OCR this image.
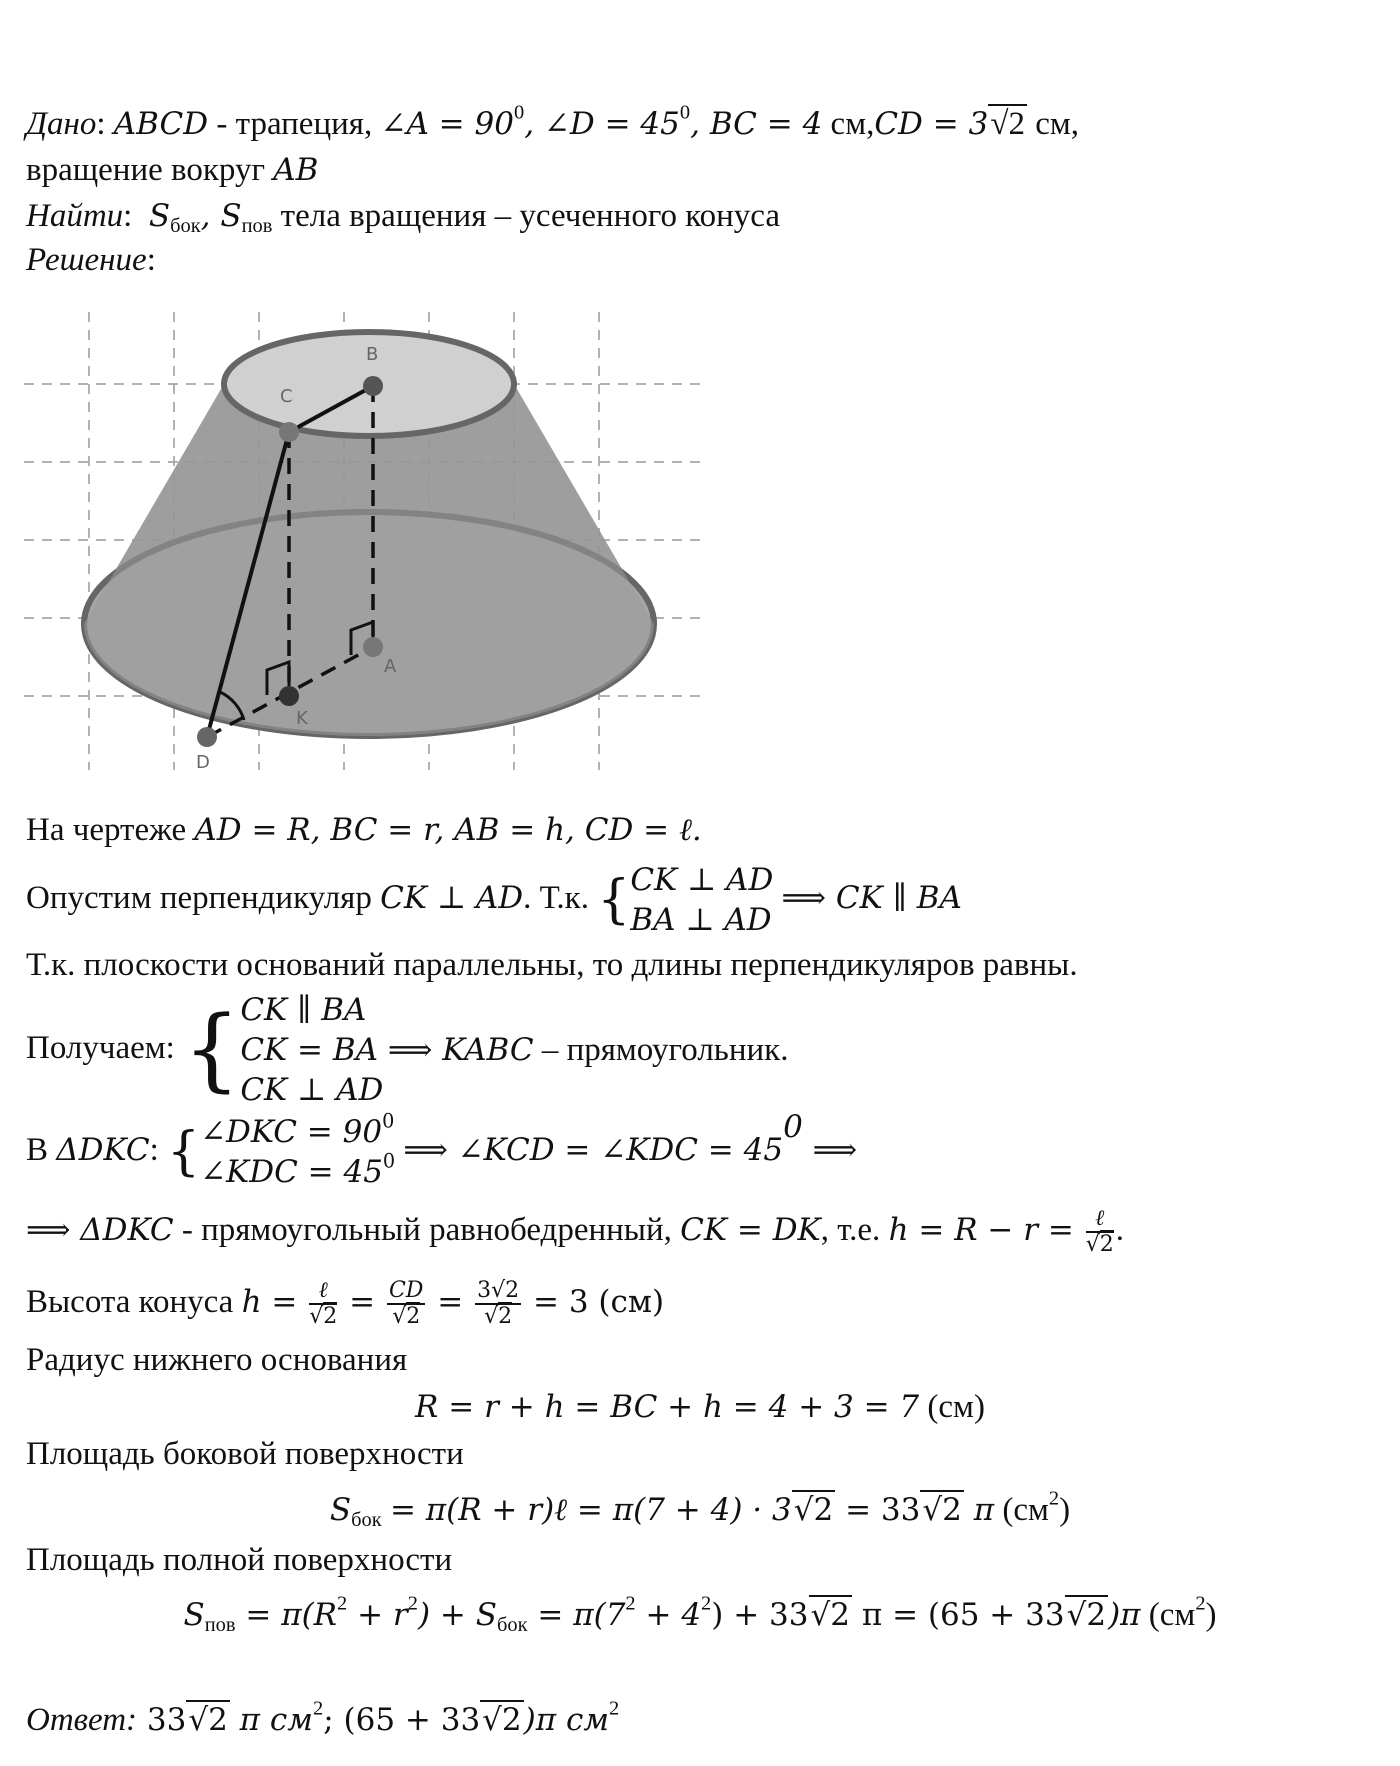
Дано: ABCD - трапеция, ∠A = $90^0$, ∠D = $45^0$, BC = 4 см,CD = 3√2 см,
вращение вокруг AB
Найти:  $S_{бок}$, $S_{пов}$ тела вращения – усеченного конуса
Решение:
B
C
A
K
D
На чертеже AD = R, BC = r, AB = h, CD = ℓ.
Опустим перпендикуляр CK ⊥ AD. Т.к. { CK ⊥ AD
BA ⊥ AD
⟹ CK ∥ BA
Т.к. плоскости оснований параллельны, то длины перпендикуляров равны.
Получаем: { CK ∥ BA
CK = BA ⟹ KABC – прямоугольник.
CK ⊥ AD
В ΔDKC: { ∠DKC = $90^0$
∠KDC = $45^0$ ⟹ ∠KCD = ∠KDC = $45^0$ ⟹
⟹ ΔDKC - прямоугольный равнобедренный, CK = DK, т.е. $h = R - r = \frac{\text{ℓ}}{√2}$ .
Высота конуса $h = \frac{\text{ℓ}}{√2} = \frac{CD}{√2} = \frac{3√2}{√2} = 3$ (см)
Радиус нижнего основания
R = r + h = BC + h = 4 + 3 = 7 (см)
Площадь боковой поверхности
$S_{бок} = \pi(R$ + r)ℓ = π(7 + 4) · 3√2 = 33√2 π $(см^2)$
Площадь полной поверхности
$S_{пов} = \pi(R^2 + r^2) + S_{бок} = \pi(7^2 + 4^2) + 33√2$ π = (65 + 33√2)π $(см^2)$
Ответ: 33√2 π $см^2$; (65 + 33√2)π $см^2$
